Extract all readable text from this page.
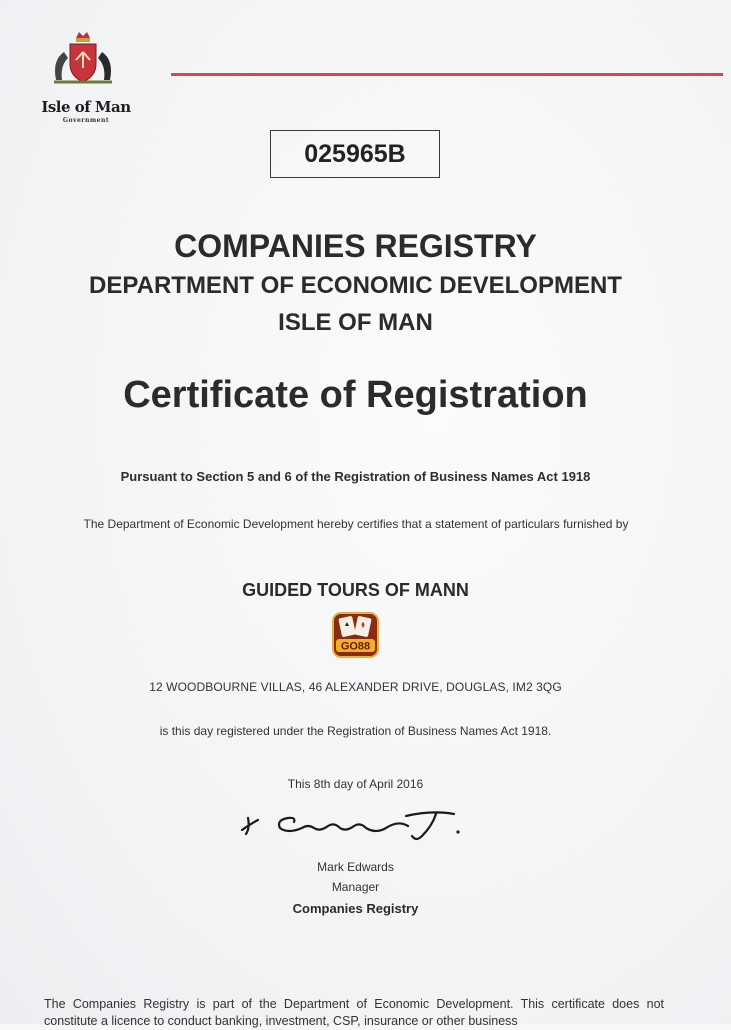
Isle of Man
Government
025965B
COMPANIES REGISTRY
DEPARTMENT OF ECONOMIC DEVELOPMENT
ISLE OF MAN
Certificate of Registration
Pursuant to Section 5 and 6 of the Registration of Business Names Act 1918
The Department of Economic Development hereby certifies that a statement of particulars furnished by
GUIDED TOURS OF MANN
GO88
12 WOODBOURNE VILLAS, 46 ALEXANDER DRIVE, DOUGLAS, IM2 3QG
is this day registered under the Registration of Business Names Act 1918.
This 8th day of April 2016
Mark Edwards
Manager
Companies Registry
The Companies Registry is part of the Department of Economic Development. This certificate does not constitute a licence to conduct banking, investment, CSP, insurance or other business
